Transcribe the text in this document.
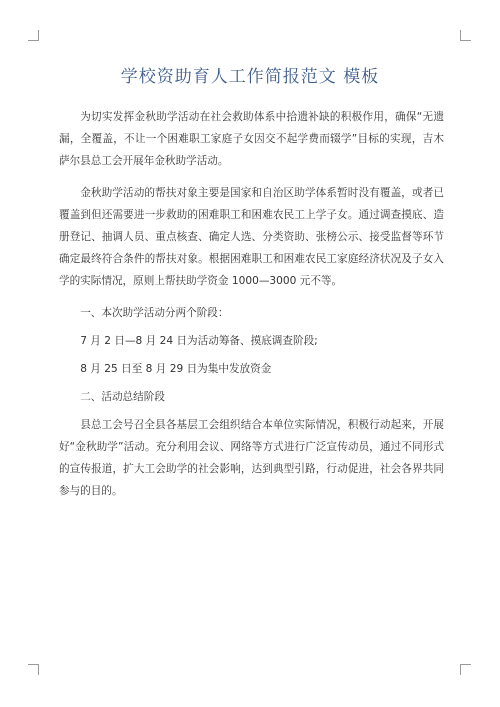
学校资助育人工作简报范文 模板

为切实发挥金秋助学活动在社会救助体系中拾遗补缺的积极作用，确保“无遗漏，全覆盖，不让一个困难职工家庭子女因交不起学费而辍学”目标的实现，吉木萨尔县总工会开展年金秋助学活动。

金秋助学活动的帮扶对象主要是国家和自治区助学体系暂时没有覆盖，或者已覆盖到但还需要进一步救助的困难职工和困难农民工上学子女。通过调查摸底、造册登记、抽调人员、重点核查、确定人选、分类资助、张榜公示、接受监督等环节确定最终符合条件的帮扶对象。根据困难职工和困难农民工家庭经济状况及子女入学的实际情况，原则上帮扶助学资金 1000—3000 元不等。

一、本次助学活动分两个阶段：

7 月 2 日—8 月 24 日为活动筹备、摸底调查阶段;

8 月 25 日至 8 月 29 日为集中发放资金

二、活动总结阶段

县总工会号召全县各基层工会组织结合本单位实际情况，积极行动起来，开展好“金秋助学”活动。充分利用会议、网络等方式进行广泛宣传动员，通过不同形式的宣传报道，扩大工会助学的社会影响，达到典型引路，行动促进，社会各界共同参与的目的。
